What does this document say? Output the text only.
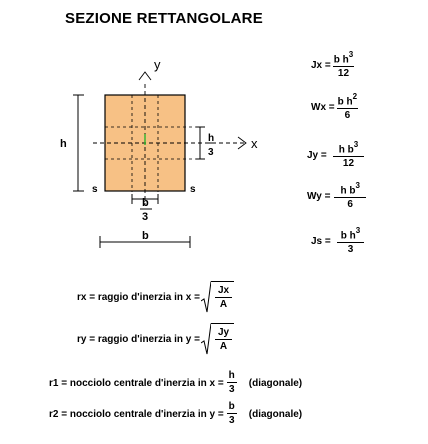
SEZIONE RETTANGOLARE
y
x
h
s	s
h
3
b
3
b
$Jx = \frac{b h^3}{12}$
$Wx = \frac{b h^2}{6}$
$Jy = \frac{h b^3}{12}$
$Wy = \frac{h b^3}{6}$
$Js = \frac{b h^3}{3}$
rx = raggio d'inerzia in $x = \frac{Jx}{A}$
ry = raggio d'inerzia in $y = \frac{Jy}{A}$
r1 = nocciolo centrale d'inerzia in $x = \frac{h}{3}$ (diagonale)
r2 = nocciolo centrale d'inerzia in $y = \frac{b}{3}$ (diagonale)
